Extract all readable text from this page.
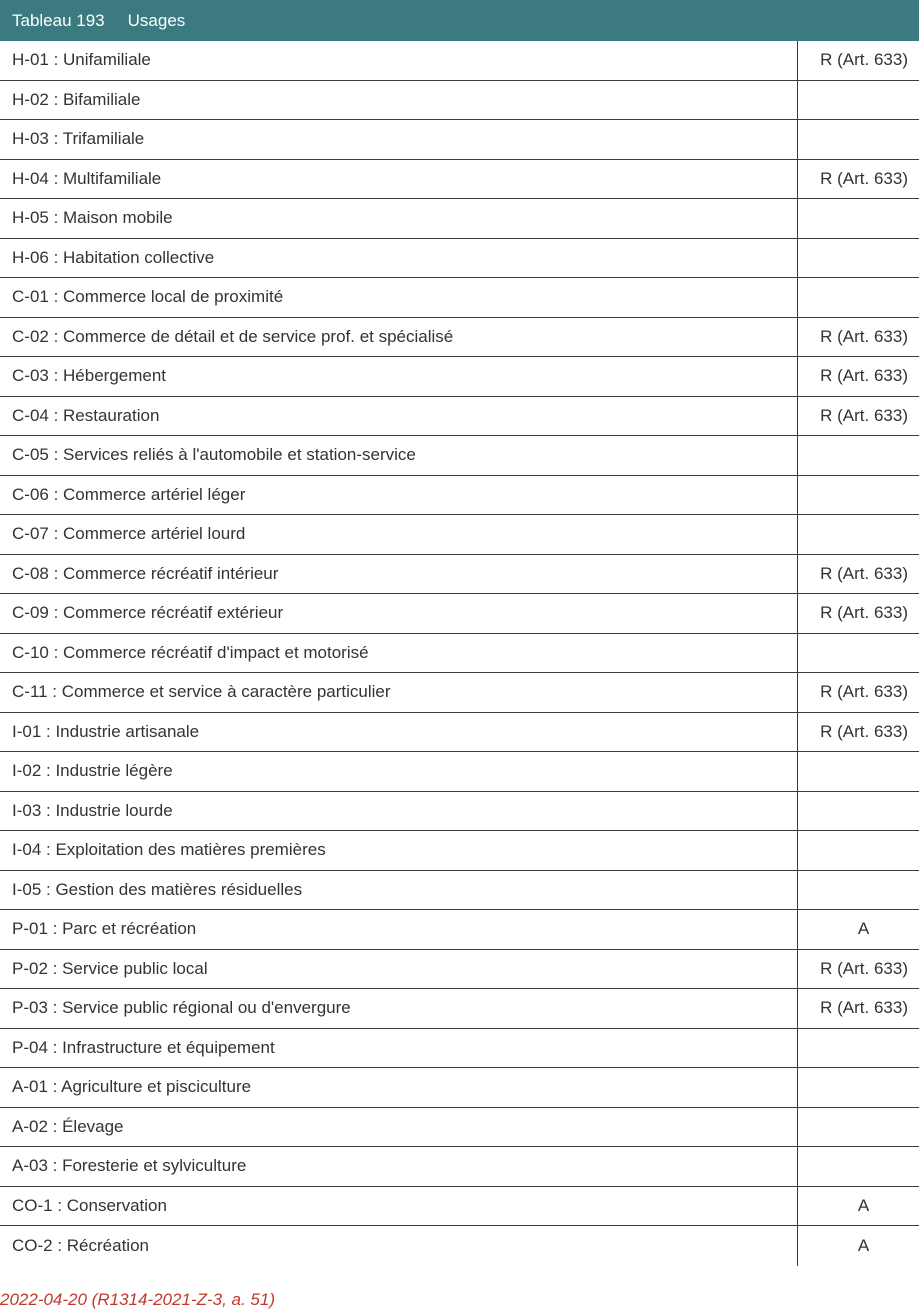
Tableau 193 Usages
H-01 : Unifamiliale	R (Art. 633)
H-02 : Bifamiliale
H-03 : Trifamiliale
H-04 : Multifamiliale	R (Art. 633)
H-05 : Maison mobile
H-06 : Habitation collective
C-01 : Commerce local de proximité
C-02 : Commerce de détail et de service prof. et spécialisé	R (Art. 633)
C-03 : Hébergement	R (Art. 633)
C-04 : Restauration	R (Art. 633)
C-05 : Services reliés à l'automobile et station-service
C-06 : Commerce artériel léger
C-07 : Commerce artériel lourd
C-08 : Commerce récréatif intérieur	R (Art. 633)
C-09 : Commerce récréatif extérieur	R (Art. 633)
C-10 : Commerce récréatif d'impact et motorisé
C-11 : Commerce et service à caractère particulier	R (Art. 633)
I-01 : Industrie artisanale	R (Art. 633)
I-02 : Industrie légère
I-03 : Industrie lourde
I-04 : Exploitation des matières premières
I-05 : Gestion des matières résiduelles
P-01 : Parc et récréation	A
P-02 : Service public local	R (Art. 633)
P-03 : Service public régional ou d'envergure	R (Art. 633)
P-04 : Infrastructure et équipement
A-01 : Agriculture et pisciculture
A-02 : Élevage
A-03 : Foresterie et sylviculture
CO-1 : Conservation	A
CO-2 : Récréation	A
2022-04-20 (R1314-2021-Z-3, a. 51)
